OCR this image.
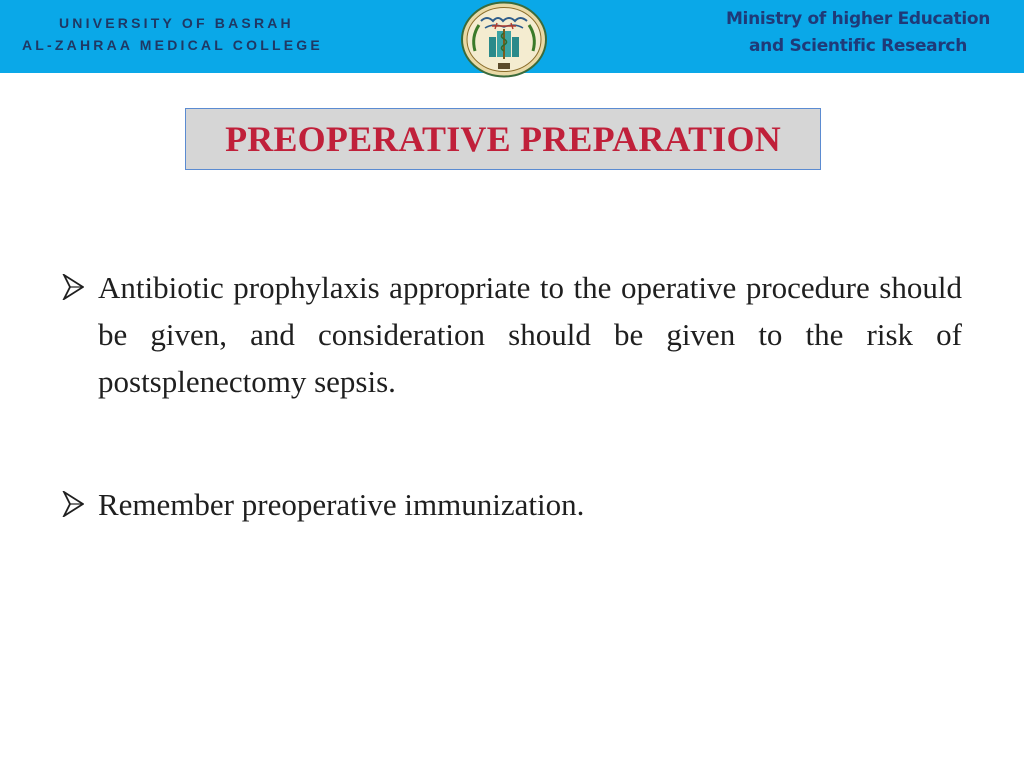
UNIVERSITY OF BASRAH
AL-ZAHRAA MEDICAL COLLEGE
Ministry of higher Education
and Scientific Research
PREOPERATIVE PREPARATION
Antibiotic prophylaxis appropriate to the operative procedure should be given, and consideration should be given to the risk of postsplenectomy sepsis.
Remember preoperative immunization.
